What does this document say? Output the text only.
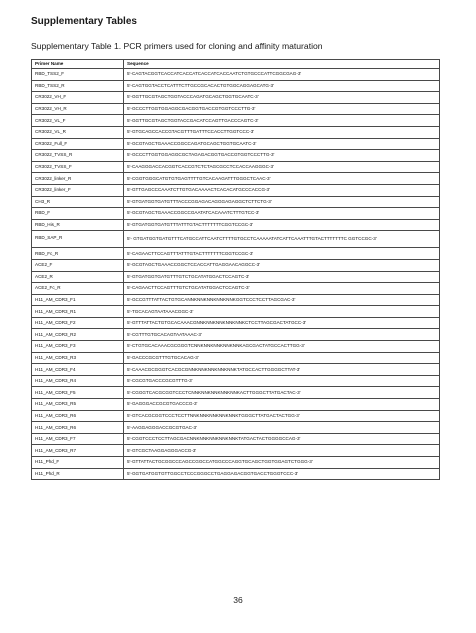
Supplementary Tables
Supplementary Table 1. PCR primers used for cloning and affinity maturation
Primer Name	Sequence
RBD_TSS2_F	5'-CAGTACGGTCACCATCACCATCACCATCACCAATCTGTGCCCATTCGGCGAG-3'
RBD_TSS2_R	5'-CAGTGGTACCTCATTTCTTGCCGCACACTGTGGCAGGAGCATG-3'
CR3022_VH_F	5'-GGTTGCGTAGCTGGTACCCAGATGCAGCTGGTGCAATC-3'
CR3022_VH_R	5'-GCCCTTGGTGGAGGCGACGGTGACCGTGGTCCCTTG-3'
CR3022_VL_F	5'-GGTTGCGTAGCTGGTACCGACATCCAGTTGACCCAGTC-3'
CR3022_VL_R	5'-GTGCAGCCACCGTACGTTTGATTTCCACCTTGGTCCC-3'
CR3022_Full_F	5'-GCGTAGCTGAAACCGGCCAGATGCAGCTGGTGCAATC-3'
CR3022_TVSS_R	5'-GCCCTTGGTGGAGGCGCTAGAGACGGTGACCGTGGTCCCTTG-3'
CR3022_TVSS_F	5'-CAAGGGACCACGGTCACCGTCTCTAGCGCCTCCACCAAGGGC-3'
CR3022_linker_R	5'-CGGTGGGCATGTGTGAGTTTTGTCACAAGATTTGGGCTCAAC-3'
CR3022_linker_F	5'-GTTGAGCCCAAATCTTGTGACAAAACTCACACATGCCCACCG-3'
CH3_R	5'-GTGATGGTGATGTTTACCCGGAGACAGGGAGAGGCTCTTCTG-3'
RBD_F	5'-GCGTAGCTGAAACCGGCCGAATATCACAAATCTTTGTCC-3'
RBD_His_R	5'-GTGATGGTGATGTTTATTTGTACTTTTTTTCGGTCCGC-3'
RBD_SAP_R	5'- GTGATGGTGATGTTTCATGCCATTCAATCTTTTGTGCCTCAAAAATATCATTCAAATTTGTACTTTTTTTC GGTCCGC-3'
RBD_Fc_R	5'-CAGAACTTCCAGTTTATTTGTACTTTTTTTCGGTCCGC-3'
ACE2_F	5'-GCGTAGCTGAAACCGGCTCCACCATTGAGGAACAGGCC-3'
ACE2_R	5'-GTGATGGTGATGTTTGTCTGCATATGGACTCCAGTC-3'
ACE2_Fc_R	5'-CAGAACTTCCAGTTTGTCTGCATATGGACTCCAGTC-3'
H11_AM_CDR3_F1	5'-GCCGTTTATTACTGTGCANNKNNKNNKNNKNNKGGTCCCTCCTTAGCGAC-3'
H11_AM_CDR3_R1	5'-TGCACAGTAATAAACGGC-3'
H11_AM_CDR3_F2	5'-GTTTATTACTGTGCACAAACGNNKNNKNNKNNKNNKCTCCTTAGCGACTATGCC-3'
H11_AM_CDR3_R2	5'-CGTTTGTGCACAGTAATAAAC-3'
H11_AM_CDR3_F3	5'-CTGTGCACAAACGCGGGTCNNKNNKNNKNNKNNKAGCGACTATGCCACTTGG-3'
H11_AM_CDR3_R3	5'-GACCCGCGTTTGTGCACAG-3'
H11_AM_CDR3_F4	5'-CAAACGCGGGTCACGCGNNKNNKNNKNNKNNKTATGCCACTTGGGGCTTAT-3'
H11_AM_CDR3_R4	5'-CGCGTGACCCGCGTTTG-3'
H11_AM_CDR3_F5	5'-CGGGTCACGCGGTCCCTCNNKNNKNNKNNKNNKACTTGGGCTTATGACTAC-3'
H11_AM_CDR3_R5	5'-GAGGGACCGCGTGACCCG-3'
H11_AM_CDR3_R6	5'-GTCACGCGGTCCCTCCTTNNKNNKNNKNNKNNKTGGGCTTATGACTACTGG-3'
H11_AM_CDR3_R6	5'-AAGGAGGGACCGCGTGAC-3'
H11_AM_CDR3_F7	5'-CGGTCCCTCCTTAGCGACNNKNNKNNKNNKNNKTATGACTACTGGGGCCAG-3'
H11_AM_CDR3_R7	5'-GTCGCTAAGGAGGGACCG-3'
H11_Phd_F	5'-GTTATTACTGCGGCCCAGCCGGCCATGGCCCAGGTGCAGCTGGTGGAGTCTGGG-3'
H11_Phd_R	5'-GGTGATGGTGTTGGCCTCCCGGGCCTGAGGAGACGGTGACCTGGGTCCC-3'
36
